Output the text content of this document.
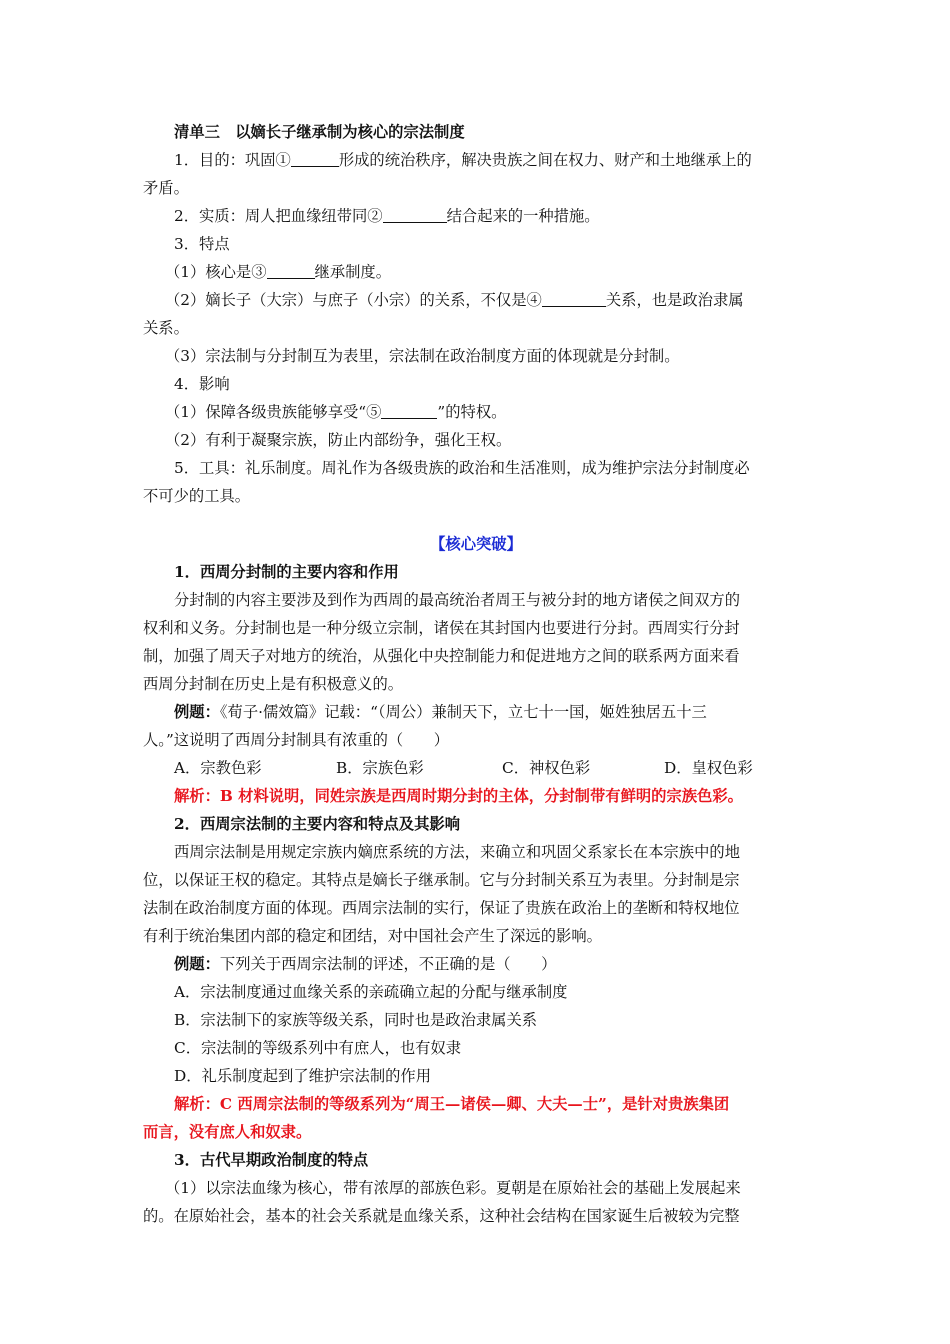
清单三　以嫡长子继承制为核心的宗法制度
1．目的：巩固①	形成的统治秩序，解决贵族之间在权力、财产和土地继承上的
矛盾。
2．实质：周人把血缘纽带同②	结合起来的一种措施。
3．特点
（1）核心是③	继承制度。
（2）嫡长子（大宗）与庶子（小宗）的关系，不仅是④	关系，也是政治隶属
关系。
（3）宗法制与分封制互为表里，宗法制在政治制度方面的体现就是分封制。
4．影响
（1）保障各级贵族能够享受“⑤	”的特权。
（2）有利于凝聚宗族，防止内部纷争，强化王权。
5．工具：礼乐制度。周礼作为各级贵族的政治和生活准则，成为维护宗法分封制度必
不可少的工具。
【核心突破】
1．西周分封制的主要内容和作用
分封制的内容主要涉及到作为西周的最高统治者周王与被分封的地方诸侯之间双方的
权利和义务。分封制也是一种分级立宗制，诸侯在其封国内也要进行分封。西周实行分封
制，加强了周天子对地方的统治，从强化中央控制能力和促进地方之间的联系两方面来看
西周分封制在历史上是有积极意义的。
例题：《荀子·儒效篇》记载：“（周公）兼制天下，立七十一国，姬姓独居五十三
人。”这说明了西周分封制具有浓重的（　　）
A．宗教色彩	B．宗族色彩	C．神权色彩	D．皇权色彩
解析：B 材料说明，同姓宗族是西周时期分封的主体，分封制带有鲜明的宗族色彩。
2．西周宗法制的主要内容和特点及其影响
西周宗法制是用规定宗族内嫡庶系统的方法，来确立和巩固父系家长在本宗族中的地
位，以保证王权的稳定。其特点是嫡长子继承制。它与分封制关系互为表里。分封制是宗
法制在政治制度方面的体现。西周宗法制的实行，保证了贵族在政治上的垄断和特权地位
有利于统治集团内部的稳定和团结，对中国社会产生了深远的影响。
例题：下列关于西周宗法制的评述，不正确的是（　　）
A．宗法制度通过血缘关系的亲疏确立起的分配与继承制度
B．宗法制下的家族等级关系，同时也是政治隶属关系
C．宗法制的等级系列中有庶人，也有奴隶
D．礼乐制度起到了维护宗法制的作用
解析：C 西周宗法制的等级系列为“周王—诸侯—卿、大夫—士”，是针对贵族集团
而言，没有庶人和奴隶。
3．古代早期政治制度的特点
（1）以宗法血缘为核心，带有浓厚的部族色彩。夏朝是在原始社会的基础上发展起来
的。在原始社会，基本的社会关系就是血缘关系，这种社会结构在国家诞生后被较为完整
